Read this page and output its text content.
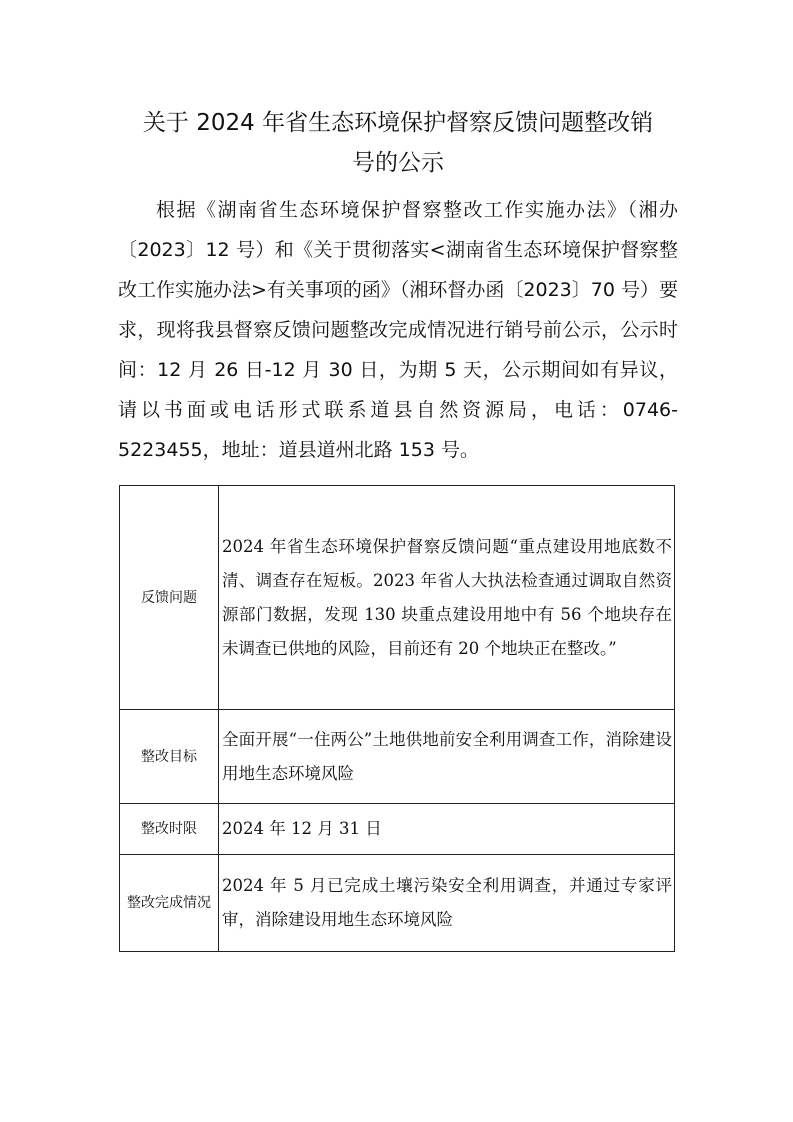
关于 2024 年省生态环境保护督察反馈问题整改销
号的公示

根据《湖南省生态环境保护督察整改工作实施办法》（湘办〔2023〕12 号）和《关于贯彻落实<湖南省生态环境保护督察整改工作实施办法>有关事项的函》（湘环督办函〔2023〕70 号）要求，现将我县督察反馈问题整改完成情况进行销号前公示，公示时间：12 月 26 日-12 月 30 日，为期 5 天，公示期间如有异议，请以书面或电话形式联系道县自然资源局，电话：0746-5223455，地址：道县道州北路 153 号。

反馈问题	2024 年省生态环境保护督察反馈问题“重点建设用地底数不清、调查存在短板。2023 年省人大执法检查通过调取自然资源部门数据，发现 130 块重点建设用地中有 56 个地块存在未调查已供地的风险，目前还有 20 个地块正在整改。”
整改目标	全面开展“一住两公”土地供地前安全利用调查工作，消除建设用地生态环境风险
整改时限	2024 年 12 月 31 日
整改完成情况	2024 年 5 月已完成土壤污染安全利用调查，并通过专家评审，消除建设用地生态环境风险
